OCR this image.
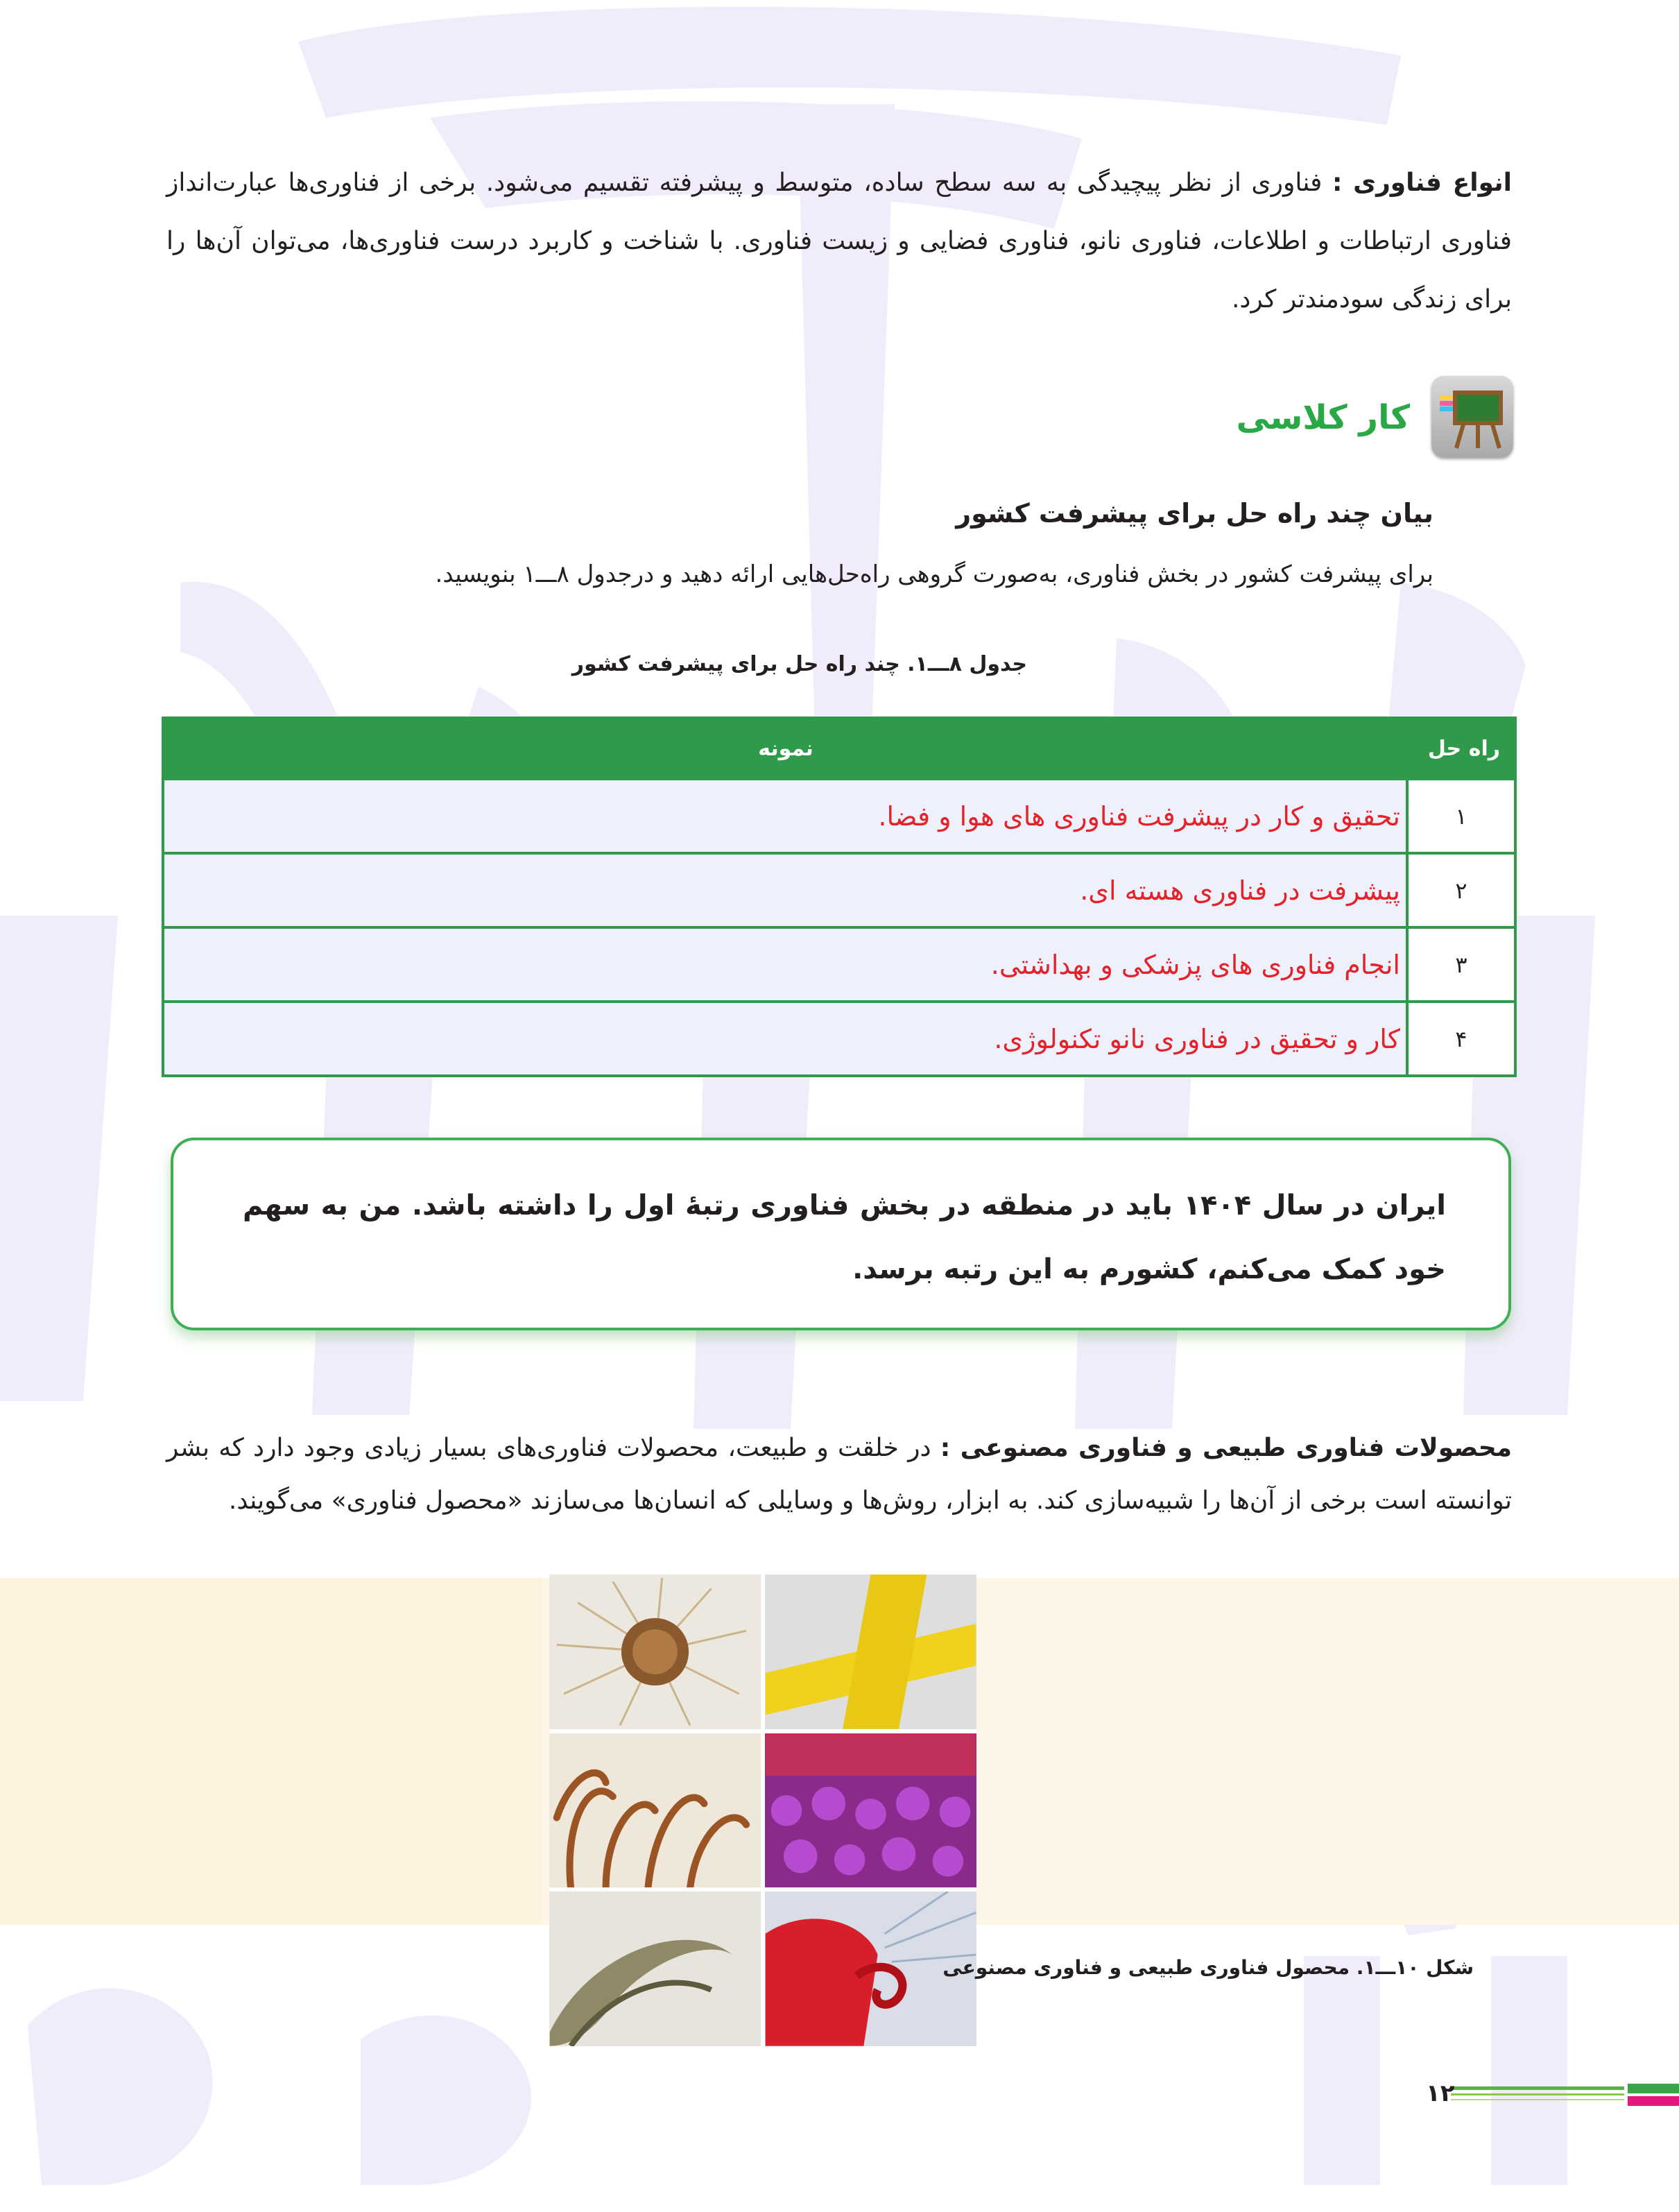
انواع فناوری : فناوری از نظر پیچیدگی به سه سطح ساده، متوسط و پیشرفته تقسیم می‌شود. برخی از فناوری‌ها عبارت‌انداز فناوری ارتباطات و اطلاعات، فناوری نانو، فناوری فضایی و زیست فناوری. با شناخت و کاربرد درست فناوری‌ها، می‌توان آن‌ها را برای زندگی سودمندتر کرد.
کار کلاسی
بیان چند راه حل برای پیشرفت کشور
برای پیشرفت کشور در بخش فناوری، به‌صورت گروهی راه‌حل‌هایی ارائه دهید و درجدول ۸ـــ۱ بنویسید.
جدول ۸ـــ۱. چند راه حل برای پیشرفت کشور
راه حل	نمونه
۱	تحقیق و کار در پیشرفت فناوری های هوا و فضا.
۲	پیشرفت در فناوری هسته ای.
۳	انجام فناوری های پزشکی و بهداشتی.
۴	کار و تحقیق در فناوری نانو تکنولوژی.
ایران در سال ۱۴۰۴ باید در منطقه در بخش فناوری رتبهٔ اول را داشته باشد. من به سهم خود کمک می‌کنم، کشورم به این رتبه برسد.
محصولات فناوری طبیعی و فناوری مصنوعی : در خلقت و طبیعت، محصولات فناوری‌های بسیار زیادی وجود دارد که بشر توانسته است برخی از آن‌ها را شبیه‌سازی کند. به ابزار، روش‌ها و وسایلی که انسان‌ها می‌سازند «محصول فناوری» می‌گویند.
شکل ۱۰ـــ۱. محصول فناوری طبیعی و فناوری مصنوعی
۱۲
